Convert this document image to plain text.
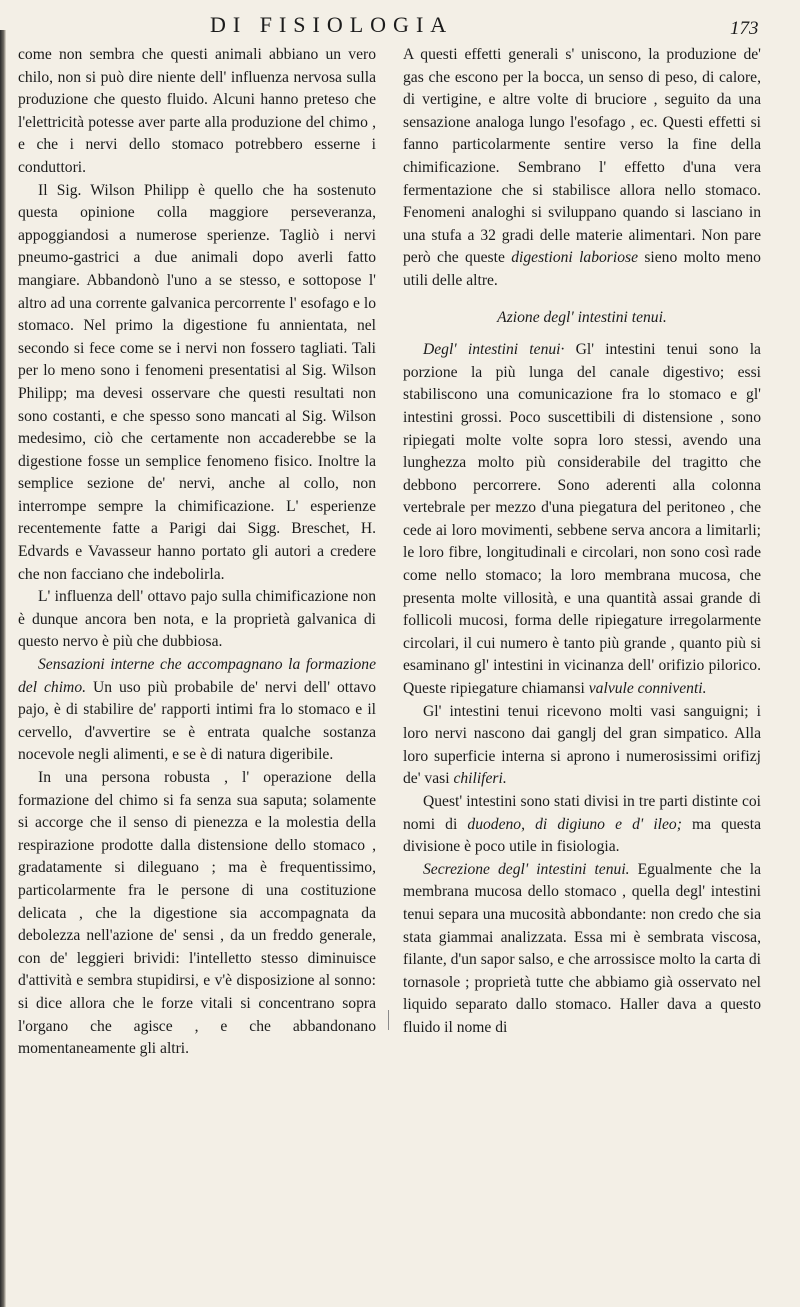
DI FISIOLOGIA	173

come non sembra che questi animali abbiano un vero chilo, non si può dire niente dell' influenza nervosa sulla produzione che questo fluido. Alcuni hanno preteso che l'elettricità potesse aver parte alla produzione del chimo , e che i nervi dello stomaco potrebbero esserne i conduttori.

Il Sig. Wilson Philipp è quello che ha sostenuto questa opinione colla maggiore perseveranza, appoggiandosi a numerose sperienze. Tagliò i nervi pneumo-gastrici a due animali dopo averli fatto mangiare. Abbandonò l'uno a se stesso, e sottopose l' altro ad una corrente galvanica percorrente l' esofago e lo stomaco. Nel primo la digestione fu annientata, nel secondo si fece come se i nervi non fossero tagliati. Tali per lo meno sono i fenomeni presentatisi al Sig. Wilson Philipp; ma devesi osservare che questi resultati non sono costanti, e che spesso sono mancati al Sig. Wilson medesimo, ciò che certamente non accaderebbe se la digestione fosse un semplice fenomeno fisico. Inoltre la semplice sezione de' nervi, anche al collo, non interrompe sempre la chimificazione. L' esperienze recentemente fatte a Parigi dai Sigg. Breschet, H. Edvards e Vavasseur hanno portato gli autori a credere che non facciano che indebolirla.

L' influenza dell' ottavo pajo sulla chimificazione non è dunque ancora ben nota, e la proprietà galvanica di questo nervo è più che dubbiosa.

Sensazioni interne che accompagnano la formazione del chimo. Un uso più probabile de' nervi dell' ottavo pajo, è di stabilire de' rapporti intimi fra lo stomaco e il cervello, d'avvertire se è entrata qualche sostanza nocevole negli alimenti, e se è di natura digeribile.

In una persona robusta , l' operazione della formazione del chimo si fa senza sua saputa; solamente si accorge che il senso di pienezza e la molestia della respirazione prodotte dalla distensione dello stomaco , gradatamente si dileguano ; ma è frequentissimo, particolarmente fra le persone di una costituzione delicata , che la digestione sia accompagnata da debolezza nell'azione de' sensi , da un freddo generale, con de' leggieri brividi: l'intelletto stesso diminuisce d'attività e sembra stupidirsi, e v'è disposizione al sonno: si dice allora che le forze vitali si concentrano sopra l'organo che agisce , e che abbandonano momentaneamente gli altri.

A questi effetti generali s' uniscono, la produzione de' gas che escono per la bocca, un senso di peso, di calore, di vertigine, e altre volte di bruciore , seguito da una sensazione analoga lungo l'esofago , ec. Questi effetti si fanno particolarmente sentire verso la fine della chimificazione. Sembrano l' effetto d'una vera fermentazione che si stabilisce allora nello stomaco. Fenomeni analoghi si sviluppano quando si lasciano in una stufa a 32 gradi delle materie alimentari. Non pare però che queste digestioni laboriose sieno molto meno utili delle altre.

Azione degl' intestini tenui.

Degl' intestini tenui· Gl' intestini tenui sono la porzione la più lunga del canale digestivo; essi stabiliscono una comunicazione fra lo stomaco e gl' intestini grossi. Poco suscettibili di distensione , sono ripiegati molte volte sopra loro stessi, avendo una lunghezza molto più considerabile del tragitto che debbono percorrere. Sono aderenti alla colonna vertebrale per mezzo d'una piegatura del peritoneo , che cede ai loro movimenti, sebbene serva ancora a limitarli; le loro fibre, longitudinali e circolari, non sono così rade come nello stomaco; la loro membrana mucosa, che presenta molte villosità, e una quantità assai grande di follicoli mucosi, forma delle ripiegature irregolarmente circolari, il cui numero è tanto più grande , quanto più si esaminano gl' intestini in vicinanza dell' orifizio pilorico. Queste ripiegature chiamansi valvule conniventi.

Gl' intestini tenui ricevono molti vasi sanguigni; i loro nervi nascono dai ganglj del gran simpatico. Alla loro superficie interna si aprono i numerosissimi orifizj de' vasi chiliferi.

Quest' intestini sono stati divisi in tre parti distinte coi nomi di duodeno, di digiuno e d' ileo; ma questa divisione è poco utile in fisiologia.

Secrezione degl' intestini tenui. Egualmente che la membrana mucosa dello stomaco , quella degl' intestini tenui separa una mucosità abbondante: non credo che sia stata giammai analizzata. Essa mi è sembrata viscosa, filante, d'un sapor salso, e che arrossisce molto la carta di tornasole ; proprietà tutte che abbiamo già osservato nel liquido separato dallo stomaco. Haller dava a questo fluido il nome di
